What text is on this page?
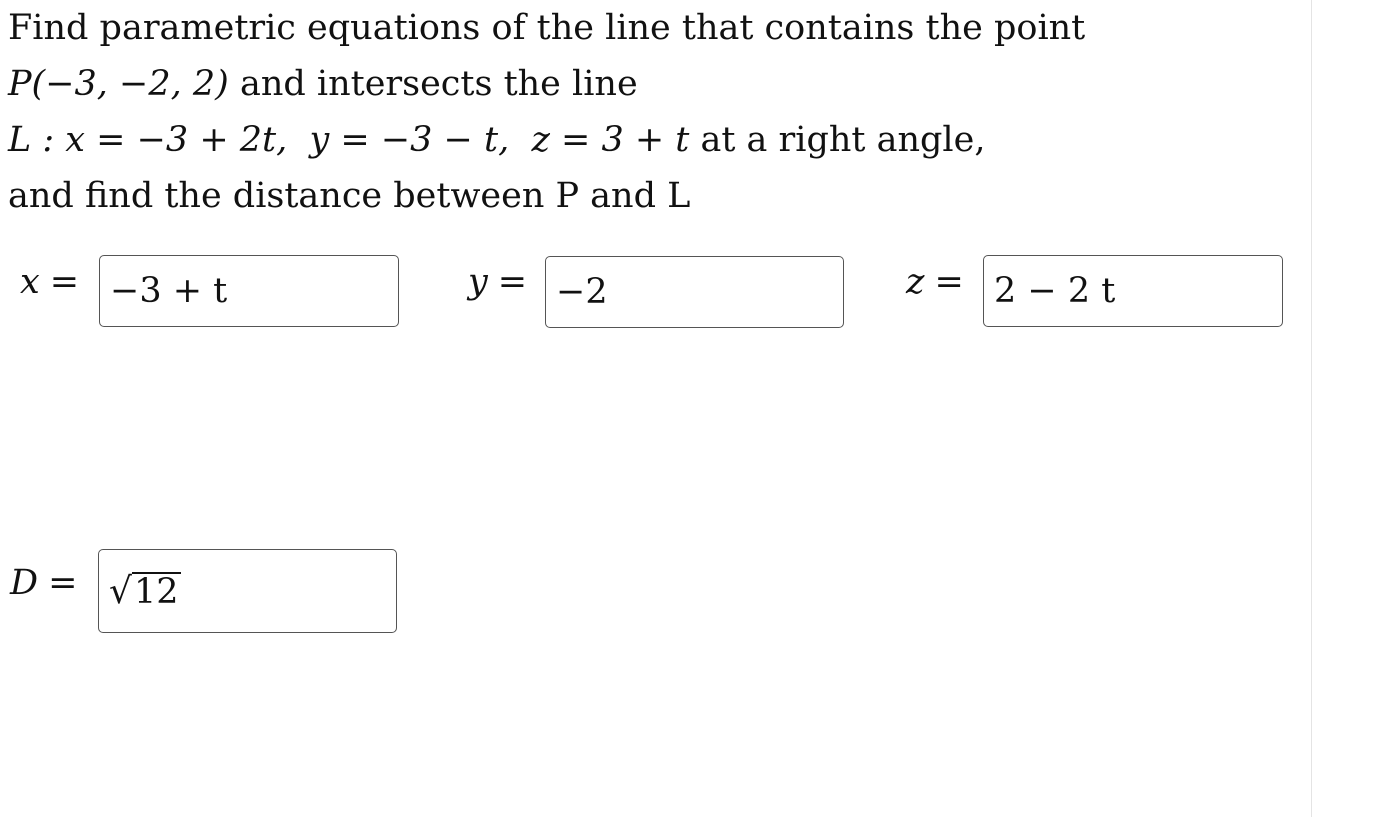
Find parametric equations of the line that contains the point
P(−3, −2, 2) and intersects the line
L : x = −3 + 2t,  y = −3 − t,  z = 3 + t at a right angle,
and find the distance between P and L
x = −3 + t	y = −2	z = 2 − 2 t
D = √ 12
